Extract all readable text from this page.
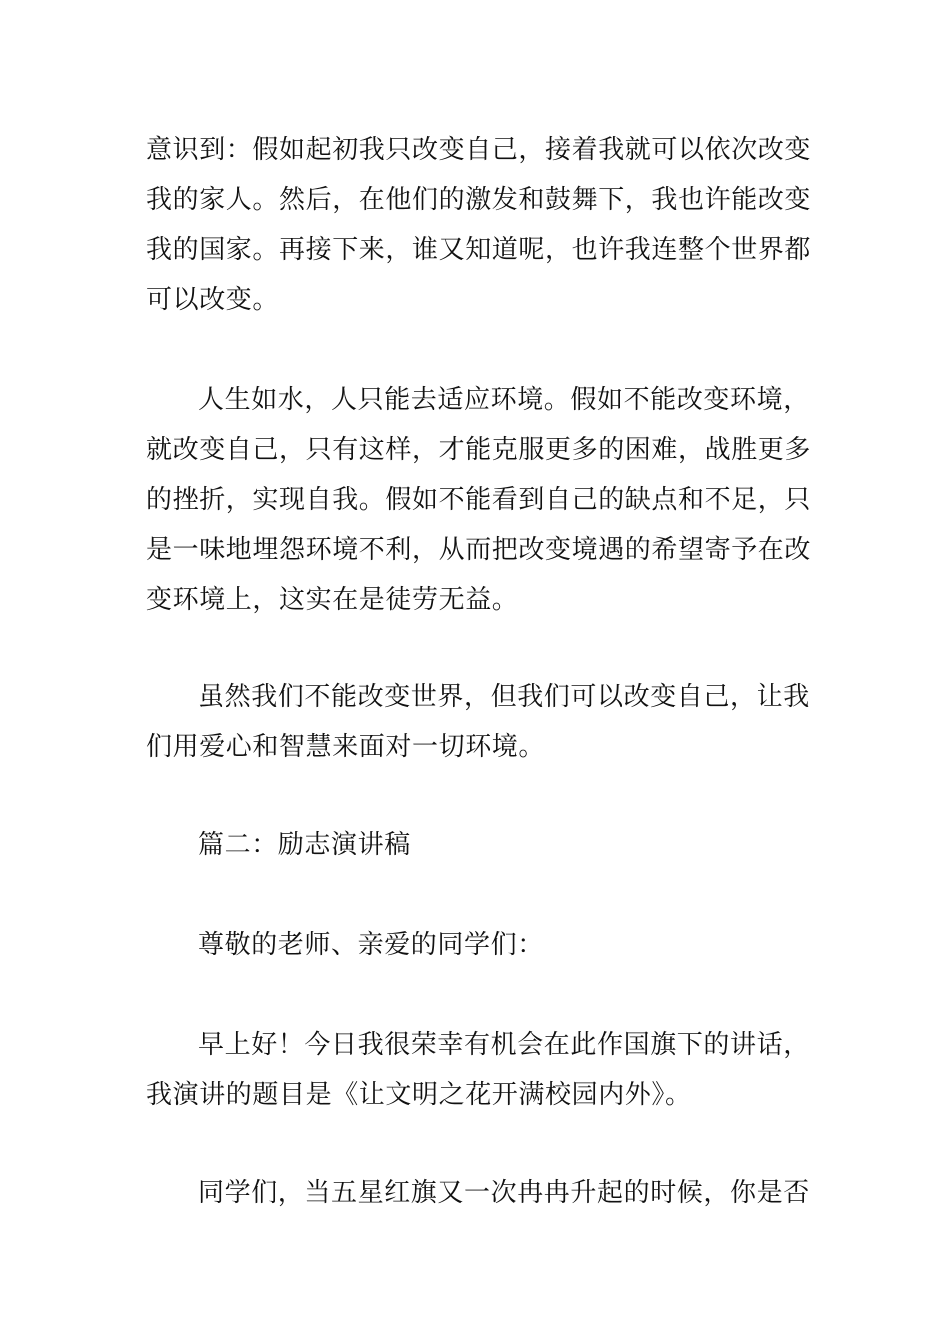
意识到：假如起初我只改变自己，接着我就可以依次改变
我的家人。然后，在他们的激发和鼓舞下，我也许能改变
我的国家。再接下来，谁又知道呢，也许我连整个世界都
可以改变。
人生如水，人只能去适应环境。假如不能改变环境，
就改变自己，只有这样，才能克服更多的困难，战胜更多
的挫折，实现自我。假如不能看到自己的缺点和不足，只
是一味地埋怨环境不利，从而把改变境遇的希望寄予在改
变环境上，这实在是徒劳无益。
虽然我们不能改变世界，但我们可以改变自己，让我
们用爱心和智慧来面对一切环境。
篇二：励志演讲稿
尊敬的老师、亲爱的同学们：
早上好！今日我很荣幸有机会在此作国旗下的讲话，
我演讲的题目是《让文明之花开满校园内外》。
同学们，当五星红旗又一次冉冉升起的时候，你是否
